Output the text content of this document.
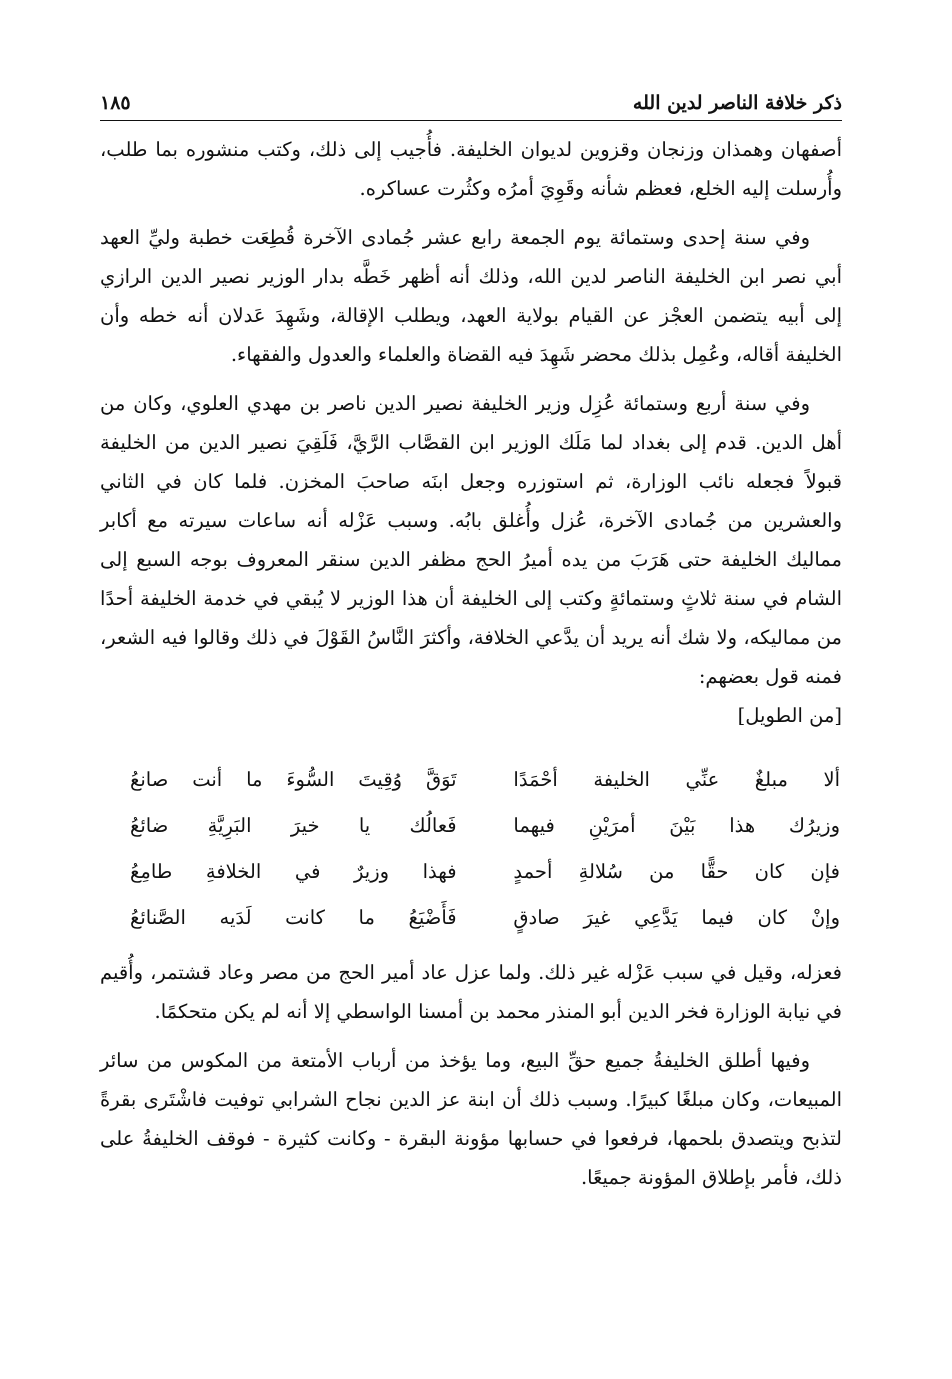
ذكر خلافة الناصر لدين الله
١٨٥

أصفهان وهمذان وزنجان وقزوين لديوان الخليفة. فأُجيب إلى ذلك، وكتب منشوره بما طلب، وأُرسلت إليه الخلع، فعظم شأنه وقَوِيَ أمرُه وكثُرت عساكره.

وفي سنة إحدى وستمائة يوم الجمعة رابع عشر جُمادى الآخرة قُطِعَت خطبة وليِّ العهد أبي نصر ابن الخليفة الناصر لدين الله، وذلك أنه أظهر خَطَّه بدار الوزير نصير الدين الرازي إلى أبيه يتضمن العجْز عن القيام بولاية العهد، ويطلب الإقالة، وشَهِدَ عَدلان أنه خطه وأن الخليفة أقاله، وعُمِل بذلك محضر شَهِدَ فيه القضاة والعلماء والعدول والفقهاء.

وفي سنة أربع وستمائة عُزِل وزير الخليفة نصير الدين ناصر بن مهدي العلوي، وكان من أهل الدين. قدم إلى بغداد لما مَلَك الوزير ابن القصَّاب الرَّيَّ، فَلَقِيَ نصير الدين من الخليفة قبولاً فجعله نائب الوزارة، ثم استوزره وجعل ابنَه صاحبَ المخزن. فلما كان في الثاني والعشرين من جُمادى الآخرة، عُزل وأُغلق بابُه. وسبب عَزْله أنه ساعات سيرته مع أكابر مماليك الخليفة حتى هَرَبَ من يده أميرُ الحج مظفر الدين سنقر المعروف بوجه السبع إلى الشام في سنة ثلاثٍ وستمائةٍ وكتب إلى الخليفة أن هذا الوزير لا يُبقي في خدمة الخليفة أحدًا من مماليكه، ولا شك أنه يريد أن يدَّعي الخلافة، وأكثرَ النَّاسُ القَوْلَ في ذلك وقالوا فيه الشعر، فمنه قول بعضهم:

[من الطويل]

ألا مبلغٌ عنِّي الخليفة أحْمَدًا
تَوَقَّ وُقِيتَ السُّوءَ ما أنت صانعُ
وزيرُك هذا بَيْنَ أمرَيْنِ فيهما
فَعالُك يا خيرَ البَرِيَّةِ ضائعُ
فإن كان حقًّا من سُلالةِ أحمدٍ
فهذا وزيرٌ في الخلافةِ طامِعُ
وإنْ كان فيما يَدَّعِي غيرَ صادقٍ
فَأَضْيَعُ ما كانت لَدَيه الصَّنائعُ

فعزله، وقيل في سبب عَزْله غير ذلك. ولما عزل عاد أمير الحج من مصر وعاد قشتمر، وأُقيم في نيابة الوزارة فخر الدين أبو المنذر محمد بن أمسنا الواسطي إلا أنه لم يكن متحكمًا.

وفيها أطلق الخليفةُ جميع حقِّ البيع، وما يؤخذ من أرباب الأمتعة من المكوس من سائر المبيعات، وكان مبلغًا كبيرًا. وسبب ذلك أن ابنة عز الدين نجاح الشرابي توفيت فاشْتَرى بقرةً لتذبح ويتصدق بلحمها، فرفعوا في حسابها مؤونة البقرة - وكانت كثيرة - فوقف الخليفةُ على ذلك، فأمر بإطلاق المؤونة جميعًا.
